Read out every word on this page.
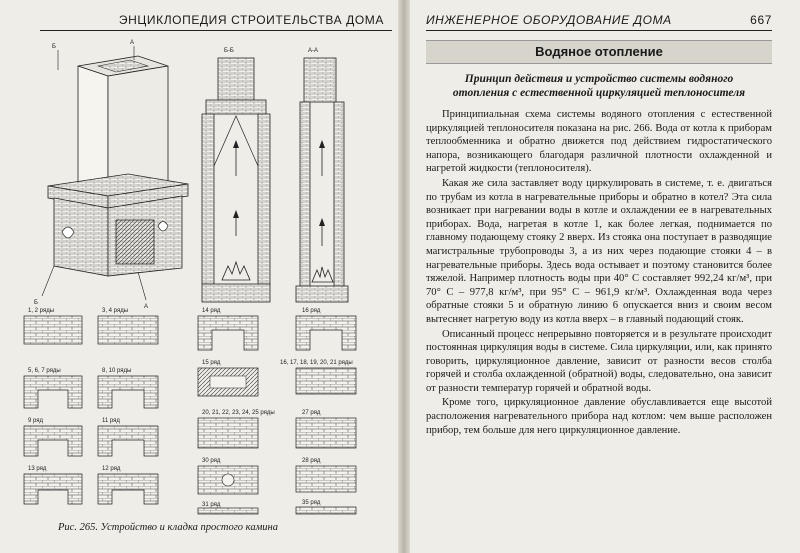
ЭНЦИКЛОПЕДИЯ СТРОИТЕЛЬСТВА ДОМА
А
Б
Б
А
Б-Б	А-А
1, 2 ряды
5, 6, 7 ряды
9 ряд
13 ряд
3, 4 ряды
8, 10 ряды
11 ряд
12 ряд
14 ряд
15 ряд
20, 21, 22, 23, 24, 25 ряды
30 ряд
31 ряд
16 ряд
16, 17, 18, 19, 20, 21 ряды
27 ряд
28 ряд
35 ряд
Рис. 265. Устройство и кладка простого камина
ИНЖЕНЕРНОЕ ОБОРУДОВАНИЕ ДОМА	667
Водяное отопление
Принцип действия и устройство системы водяного отопления с естественной циркуляцией теплоносителя

Принципиальная схема системы водяного отопления с естественной циркуляцией теплоносителя показана на рис. 266. Вода от котла к приборам теплообменника и обратно движется под действием гидростатического напора, возникающего благодаря различной плотности охлажденной и нагретой жидкости (теплоносителя).

Какая же сила заставляет воду циркулировать в системе, т. е. двигаться по трубам из котла в нагревательные приборы и обратно в котел? Эта сила возникает при нагревании воды в котле и охлаждении ее в нагревательных приборах. Вода, нагретая в котле 1, как более легкая, поднимается по главному подающему стояку 2 вверх. Из стояка она поступает в разводящие магистральные трубопроводы 3, а из них через подающие стояки 4 – в нагревательные приборы. Здесь вода остывает и поэтому становится более тяжелой. Например плотность воды при 40° С составляет 992,24 кг/м³, при 70° С – 977,8 кг/м³, при 95° С – 961,9 кг/м³. Охлажденная вода через обратные стояки 5 и обратную линию 6 опускается вниз и своим весом вытесняет нагретую воду из котла вверх – в главный подающий стояк.

Описанный процесс непрерывно повторяется и в результате происходит постоянная циркуляция воды в системе. Сила циркуляции, или, как принято говорить, циркуляционное давление, зависит от разности весов столба горячей и столба охлажденной (обратной) воды, следовательно, она зависит от разности температур горячей и обратной воды.

Кроме того, циркуляционное давление обуславливается еще высотой расположения нагревательного прибора над котлом: чем выше расположен прибор, тем больше для него циркуляционное давление.
